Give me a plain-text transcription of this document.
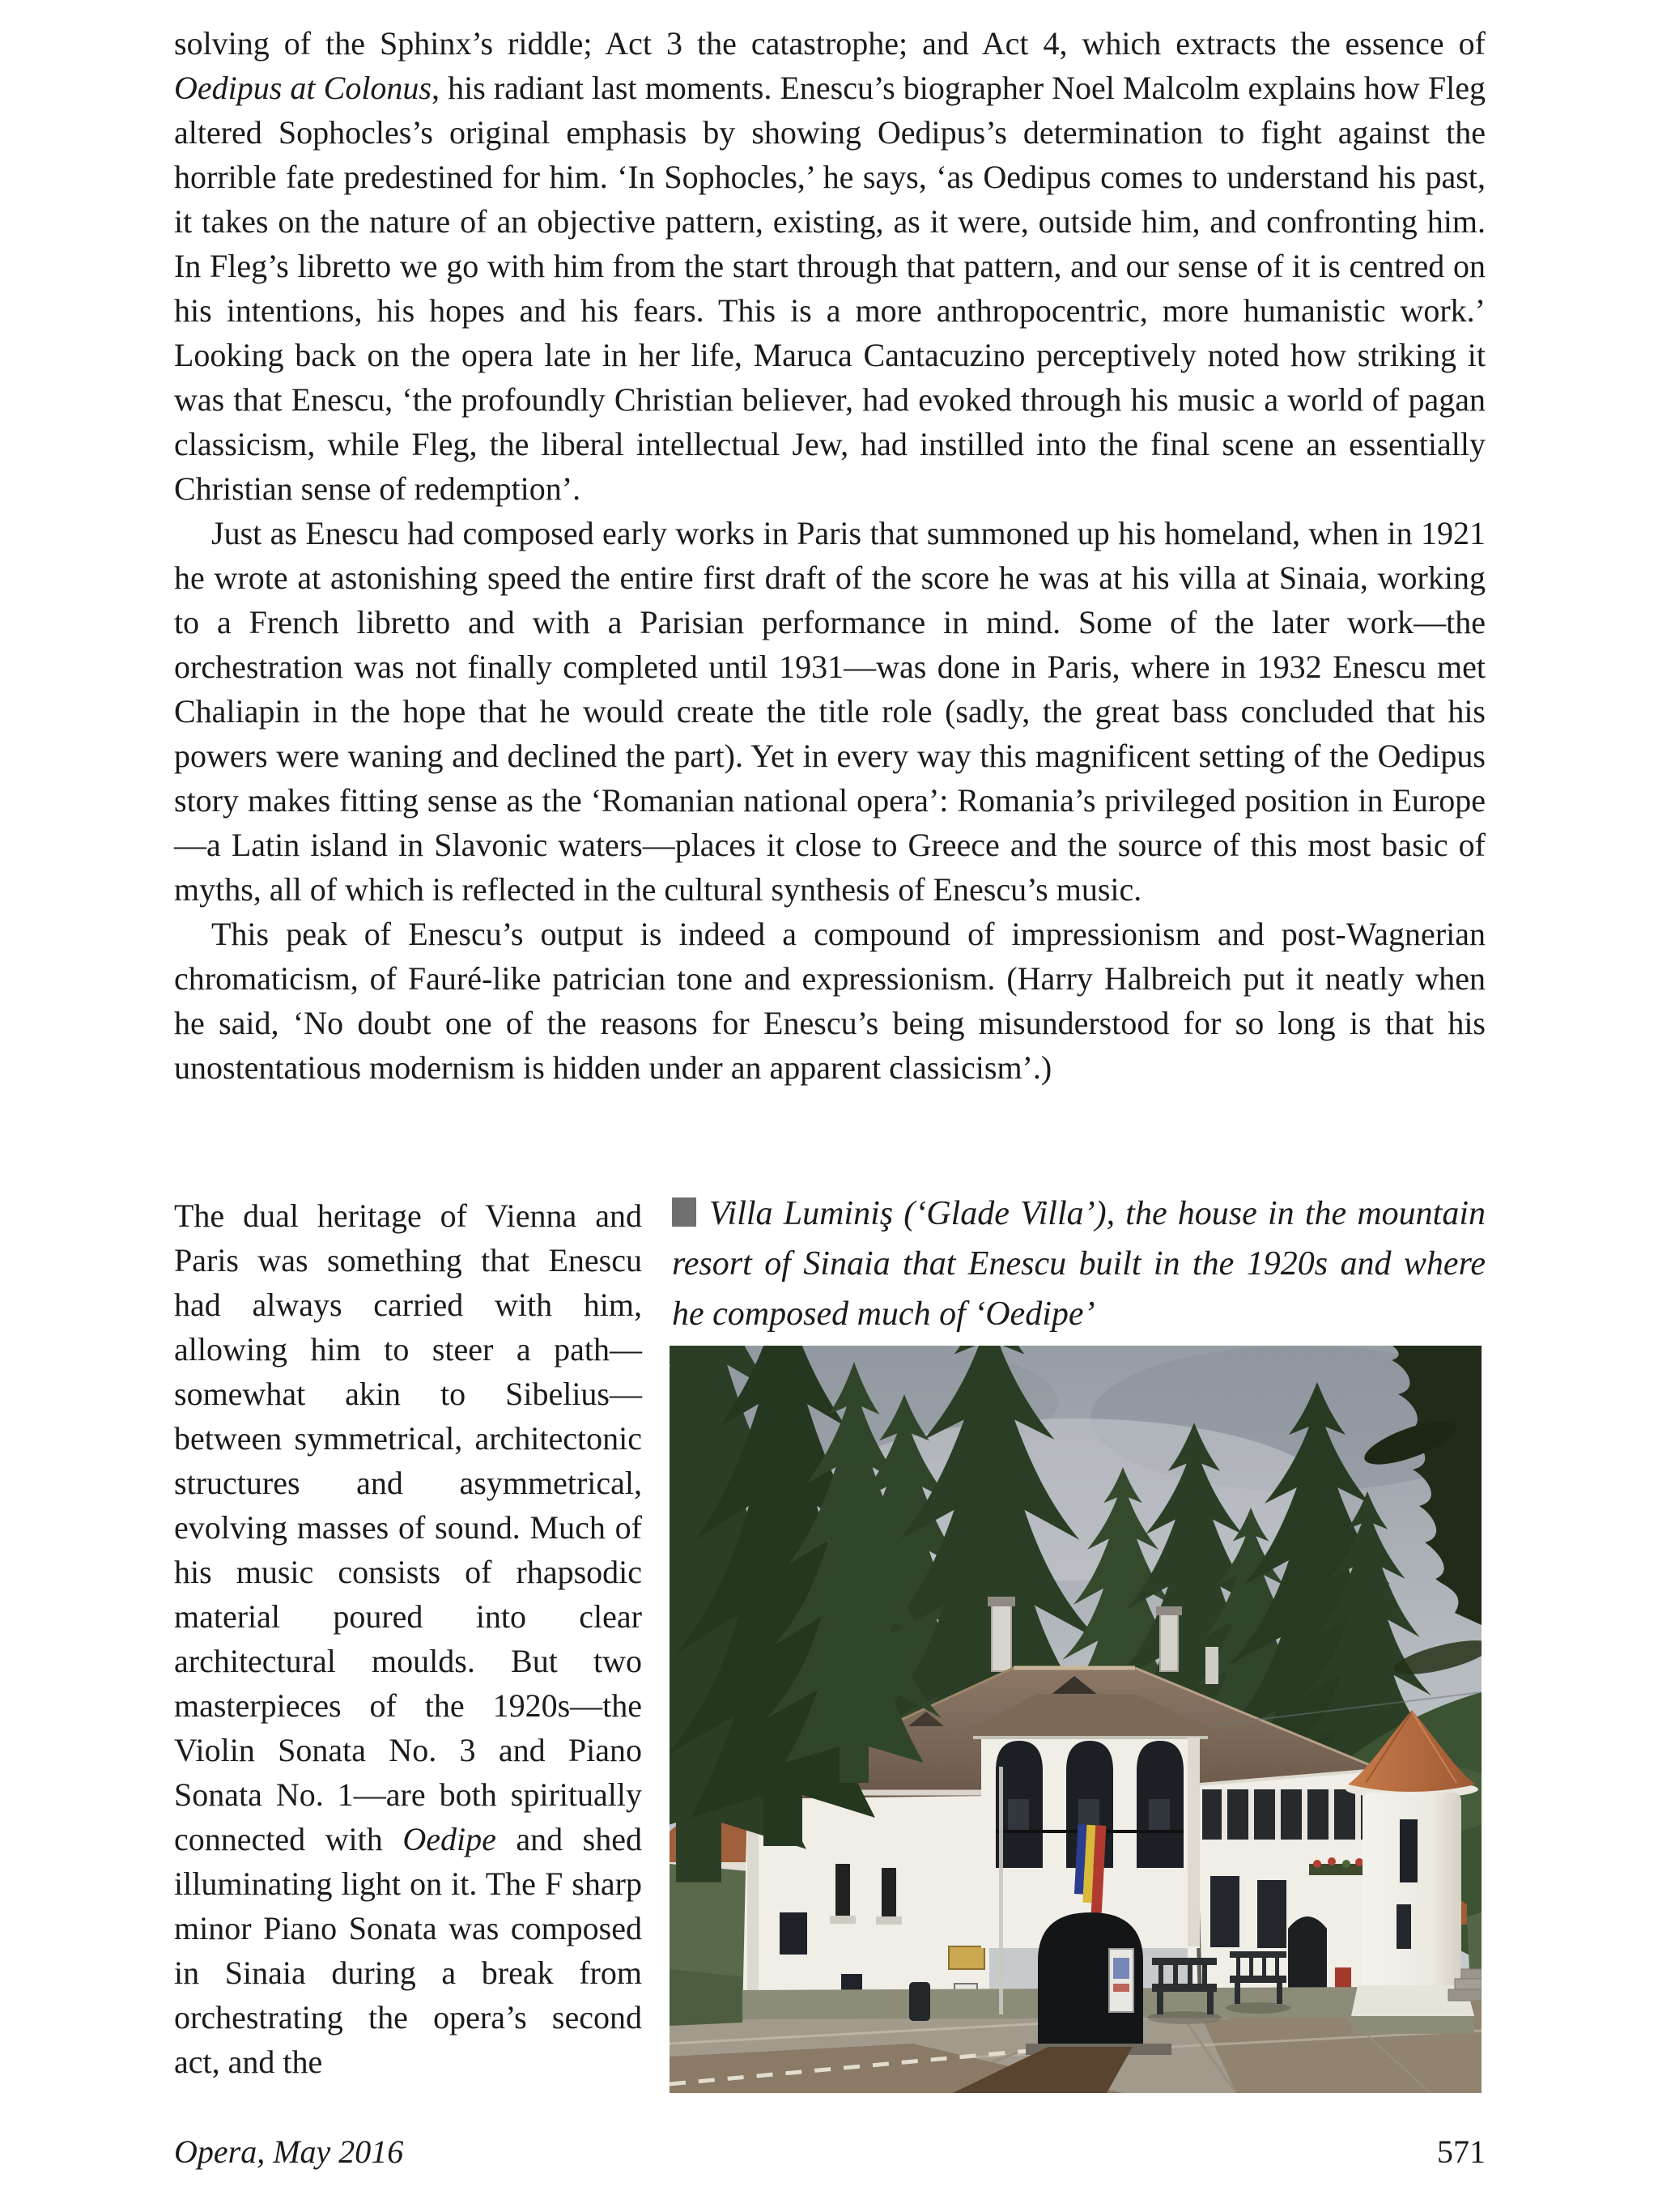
solving of the Sphinx’s riddle; Act 3 the catastrophe; and Act 4, which extracts the essence of Oedipus at Colonus, his radiant last moments. Enescu’s biographer Noel Malcolm explains how Fleg altered Sophocles’s original emphasis by showing Oedipus’s determination to fight against the horrible fate predestined for him. ‘In Sophocles,’ he says, ‘as Oedipus comes to understand his past, it takes on the nature of an objective pattern, existing, as it were, outside him, and confronting him. In Fleg’s libretto we go with him from the start through that pattern, and our sense of it is centred on his intentions, his hopes and his fears. This is a more anthropocentric, more humanistic work.’ Looking back on the opera late in her life, Maruca Cantacuzino perceptively noted how striking it was that Enescu, ‘the profoundly Christian believer, had evoked through his music a world of pagan classicism, while Fleg, the liberal intellectual Jew, had instilled into the final scene an essentially Christian sense of redemption’.

Just as Enescu had composed early works in Paris that summoned up his homeland, when in 1921 he wrote at astonishing speed the entire first draft of the score he was at his villa at Sinaia, working to a French libretto and with a Parisian performance in mind. Some of the later work—the orchestration was not finally completed until 1931—was done in Paris, where in 1932 Enescu met Chaliapin in the hope that he would create the title role (sadly, the great bass concluded that his powers were waning and declined the part). Yet in every way this magnificent setting of the Oedipus story makes fitting sense as the ‘Romanian national opera’: Romania’s privileged position in Europe—a Latin island in Slavonic waters—places it close to Greece and the source of this most basic of myths, all of which is reflected in the cultural synthesis of Enescu’s music.

This peak of Enescu’s output is indeed a compound of impressionism and post-Wagnerian chromaticism, of Fauré-like patrician tone and expressionism. (Harry Halbreich put it neatly when he said, ‘No doubt one of the reasons for Enescu’s being misunderstood for so long is that his unostentatious modernism is hidden under an apparent classicism’.)

The dual heritage of Vienna and Paris was something that Enescu had always carried with him, allowing him to steer a path—somewhat akin to Sibelius—between symmetrical, architectonic structures and asymmetrical, evolving masses of sound. Much of his music consists of rhapsodic material poured into clear architectural moulds. But two masterpieces of the 1920s—the Violin Sonata No. 3 and Piano Sonata No. 1—are both spiritually connected with Oedipe and shed illuminating light on it. The F sharp minor Piano Sonata was composed in Sinaia during a break from orchestrating the opera’s second act, and the
Villa Luminiş (‘Glade Villa’), the house in the mountain resort of Sinaia that Enescu built in the 1920s and where he composed much of ‘Oedipe’
Opera, May 2016	571
